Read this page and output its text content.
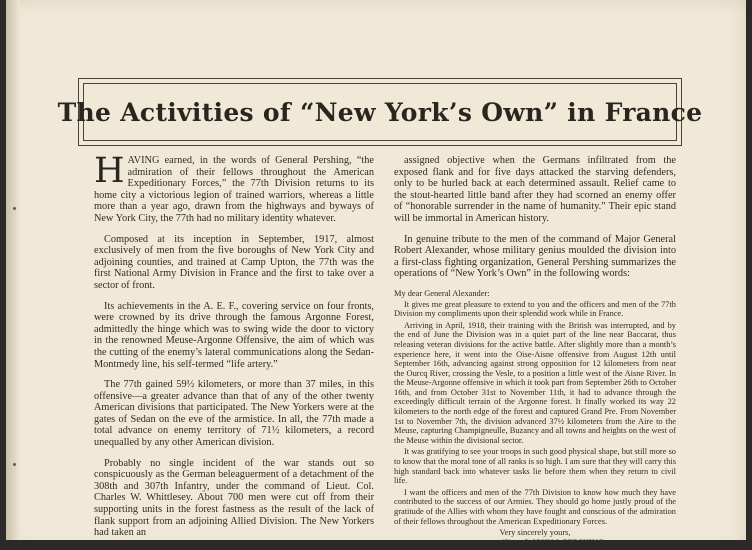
The Activities of “New York’s Own” in France

HAVING earned, in the words of General Pershing, “the admiration of their fellows throughout the American Expeditionary Forces,” the 77th Division returns to its home city a victorious legion of trained warriors, whereas a little more than a year ago, drawn from the highways and byways of New York City, the 77th had no military identity whatever.

Composed at its inception in September, 1917, almost exclusively of men from the five boroughs of New York City and adjoining counties, and trained at Camp Upton, the 77th was the first National Army Division in France and the first to take over a sector of front.

Its achievements in the A. E. F., covering service on four fronts, were crowned by its drive through the famous Argonne Forest, admittedly the hinge which was to swing wide the door to victory in the renowned Meuse-Argonne Offensive, the aim of which was the cutting of the enemy’s lateral communications along the Sedan-Montmedy line, his self-termed “life artery.”

The 77th gained 59½ kilometers, or more than 37 miles, in this offensive—a greater advance than that of any of the other twenty American divisions that participated. The New Yorkers were at the gates of Sedan on the eve of the armistice. In all, the 77th made a total advance on enemy territory of 71½ kilometers, a record unequalled by any other American division.

Probably no single incident of the war stands out so conspicuously as the German beleaguerment of a detachment of the 308th and 307th Infantry, under the command of Lieut. Col. Charles W. Whittlesey. About 700 men were cut off from their supporting units in the forest fastness as the result of the lack of flank support from an adjoining Allied Division. The New Yorkers had taken an

assigned objective when the Germans infiltrated from the exposed flank and for five days attacked the starving defenders, only to be hurled back at each determined assault. Relief came to the stout-hearted little band after they had scorned an enemy offer of “honorable surrender in the name of humanity.” Their epic stand will be immortal in American history.

In genuine tribute to the men of the command of Major General Robert Alexander, whose military genius moulded the division into a first-class fighting organization, General Pershing summarizes the operations of “New York’s Own” in the following words:

My dear General Alexander:

It gives me great pleasure to extend to you and the officers and men of the 77th Division my compliments upon their splendid work while in France.

Arriving in April, 1918, their training with the British was interrupted, and by the end of June the Division was in a quiet part of the line near Baccarat, thus releasing veteran divisions for the active battle. After slightly more than a month’s experience here, it went into the Oise-Aisne offensive from August 12th until September 16th, advancing against strong opposition for 12 kilometers from near the Ourcq River, crossing the Vesle, to a position a little west of the Aisne River. In the Meuse-Argonne offensive in which it took part from September 26th to October 16th, and from October 31st to November 11th, it had to advance through the exceedingly difficult terrain of the Argonne forest. It finally worked its way 22 kilometers to the north edge of the forest and captured Grand Pre. From November 1st to November 7th, the division advanced 37½ kilometers from the Aire to the Meuse, capturing Champigneulle, Buzancy and all towns and heights on the west of the Meuse within the divisional sector.

It was gratifying to see your troops in such good physical shape, but still more so to know that the moral tone of all ranks is so high. I am sure that they will carry this high standard back into whatever tasks lie before them when they return to civil life.

I want the officers and men of the 77th Division to know how much they have contributed to the success of our Armies. They should go home justly proud of the gratitude of the Allies with whom they have fought and conscious of the admiration of their fellows throughout the American Expeditionary Forces.

Very sincerely yours,
